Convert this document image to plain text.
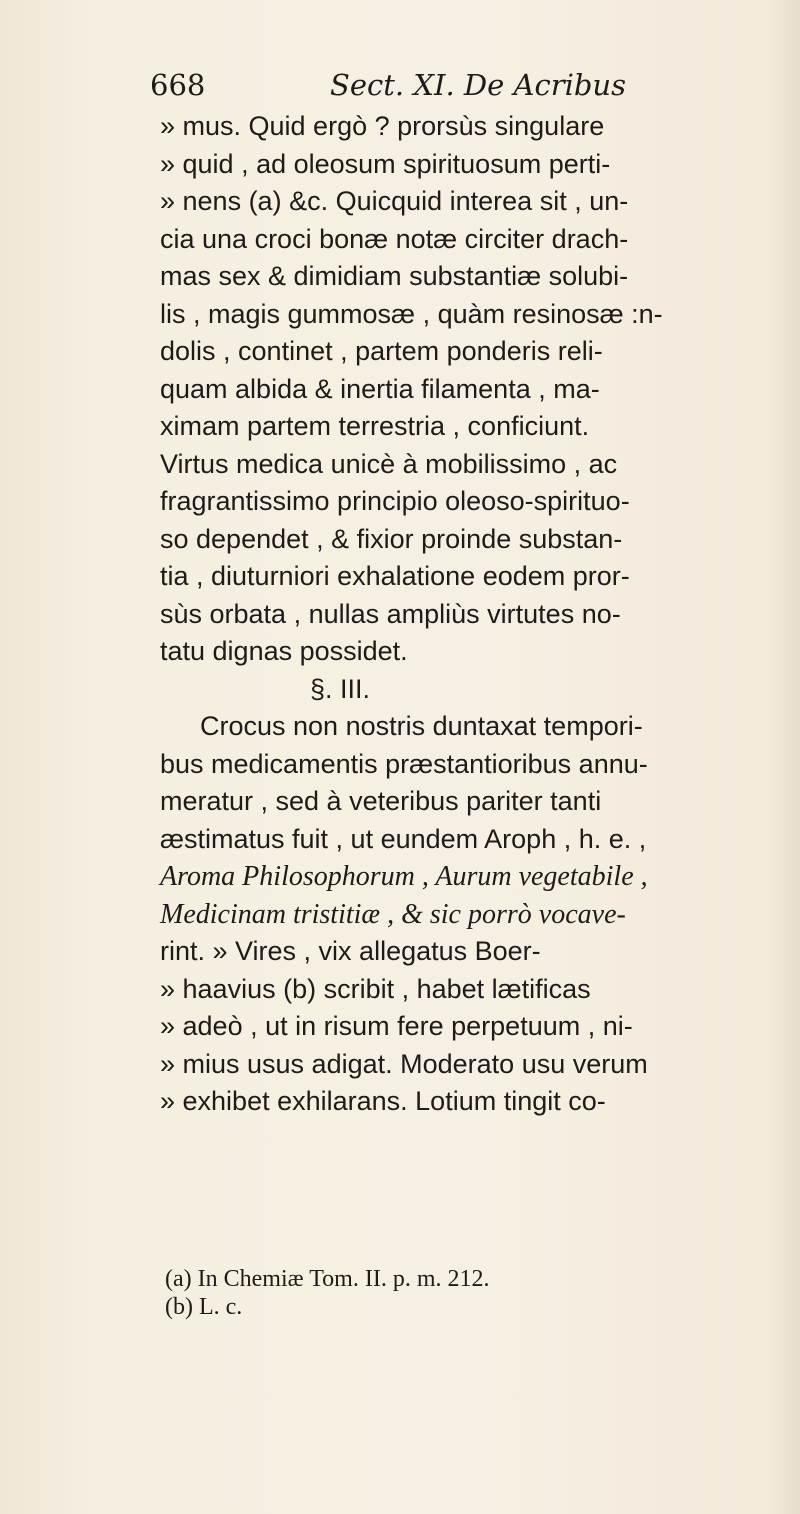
668	Sect. XI. De Acribus
» mus. Quid ergò ? prorsùs singulare
» quid , ad oleosum spirituosum perti-
» nens (a) &c. Quicquid interea sit , un-
cia una croci bonæ notæ circiter drach-
mas sex & dimidiam substantiæ solubi-
lis , magis gummosæ , quàm resinosæ :n-
dolis , continet , partem ponderis reli-
quam albida & inertia filamenta , ma-
ximam partem terrestria , conficiunt.
Virtus medica unicè à mobilissimo , ac
fragrantissimo principio oleoso-spirituo-
so dependet , & fixior proinde substan-
tia , diuturniori exhalatione eodem pror-
sùs orbata , nullas ampliùs virtutes no-
tatu dignas possidet.
§. III.
Crocus non nostris duntaxat tempori-
bus medicamentis præstantioribus annu-
meratur , sed à veteribus pariter tanti
æstimatus fuit , ut eundem Aroph , h. e. ,
Aroma Philosophorum , Aurum vegetabile ,
Medicinam tristitiæ , & sic porrò vocave-
rint. » Vires , vix allegatus Boer-
» haavius (b) scribit , habet lætificas
» adeò , ut in risum fere perpetuum , ni-
» mius usus adigat. Moderato usu verum
» exhibet exhilarans. Lotium tingit co-
(a) In Chemiæ Tom. II. p. m. 212.
(b) L. c.
